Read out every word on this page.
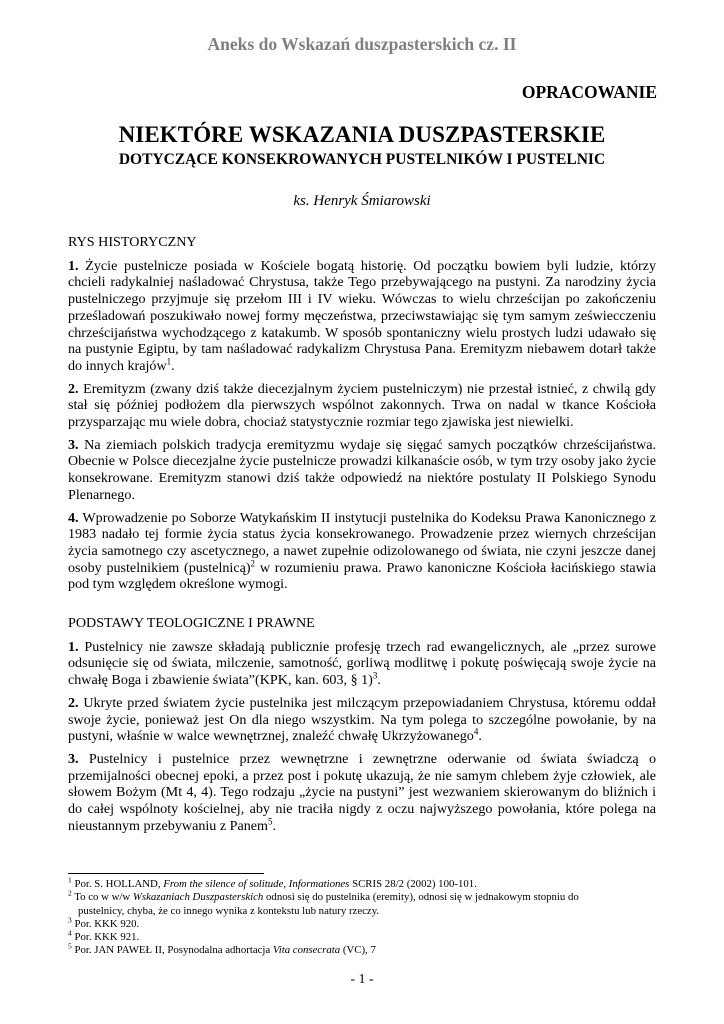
Aneks do Wskazań duszpasterskich cz. II
OPRACOWANIE
NIEKTÓRE WSKAZANIA DUSZPASTERSKIE
DOTYCZĄCE KONSEKROWANYCH PUSTELNIKÓW I PUSTELNIC
ks. Henryk Śmiarowski
RYS HISTORYCZNY

1. Życie pustelnicze posiada w Kościele bogatą historię. Od początku bowiem byli ludzie, którzy chcieli radykalniej naśladować Chrystusa, także Tego przebywającego na pustyni. Za narodziny życia pustelniczego przyjmuje się przełom III i IV wieku. Wówczas to wielu chrześcijan po zakończeniu prześladowań poszukiwało nowej formy męczeństwa, przeciwstawiając się tym samym zeświecczeniu chrześcijaństwa wychodzącego z katakumb. W sposób spontaniczny wielu prostych ludzi udawało się na pustynie Egiptu, by tam naśladować radykalizm Chrystusa Pana. Eremityzm niebawem dotarł także do innych krajów$^1$.

2. Eremityzm (zwany dziś także diecezjalnym życiem pustelniczym) nie przestał istnieć, z chwilą gdy stał się później podłożem dla pierwszych wspólnot zakonnych. Trwa on nadal w tkance Kościoła przysparzając mu wiele dobra, chociaż statystycznie rozmiar tego zjawiska jest niewielki.

3. Na ziemiach polskich tradycja eremityzmu wydaje się sięgać samych początków chrześcijaństwa. Obecnie w Polsce diecezjalne życie pustelnicze prowadzi kilkanaście osób, w tym trzy osoby jako życie konsekrowane. Eremityzm stanowi dziś także odpowiedź na niektóre postulaty II Polskiego Synodu Plenarnego.

4. Wprowadzenie po Soborze Watykańskim II instytucji pustelnika do Kodeksu Prawa Kanonicznego z 1983 nadało tej formie życia status życia konsekrowanego. Prowadzenie przez wiernych chrześcijan życia samotnego czy ascetycznego, a nawet zupełnie odizolowanego od świata, nie czyni jeszcze danej osoby pustelnikiem (pustelnicą)$^2$ w rozumieniu prawa. Prawo kanoniczne Kościoła łacińskiego stawia pod tym względem określone wymogi.

PODSTAWY TEOLOGICZNE I PRAWNE

1. Pustelnicy nie zawsze składają publicznie profesję trzech rad ewangelicznych, ale „przez surowe odsunięcie się od świata, milczenie, samotność, gorliwą modlitwę i pokutę poświęcają swoje życie na chwałę Boga i zbawienie świata”(KPK, kan. 603, § 1)$^3$.

2. Ukryte przed światem życie pustelnika jest milczącym przepowiadaniem Chrystusa, któremu oddał swoje życie, ponieważ jest On dla niego wszystkim. Na tym polega to szczególne powołanie, by na pustyni, właśnie w walce wewnętrznej, znaleźć chwałę Ukrzyżowanego$^4$.

3. Pustelnicy i pustelnice przez wewnętrzne i zewnętrzne oderwanie od świata świadczą o przemijalności obecnej epoki, a przez post i pokutę ukazują, że nie samym chlebem żyje człowiek, ale słowem Bożym (Mt 4, 4). Tego rodzaju „życie na pustyni” jest wezwaniem skierowanym do bliźnich i do całej wspólnoty kościelnej, aby nie traciła nigdy z oczu najwyższego powołania, które polega na nieustannym przebywaniu z Panem$^5$.

$^1$ Por. S. HOLLAND, From the silence of solitude, Informationes SCRIS 28/2 (2002) 100-101.

$^2$ To co w w/w Wskazaniach Duszpasterskich odnosi się do pustelnika (eremity), odnosi się w jednakowym stopniu do

pustelnicy, chyba, że co innego wynika z kontekstu lub natury rzeczy.

$^3$ Por. KKK 920.

$^4$ Por. KKK 921.

$^5$ Por. JAN PAWEŁ II, Posynodalna adhortacja Vita consecrata (VC), 7

- 1 -
